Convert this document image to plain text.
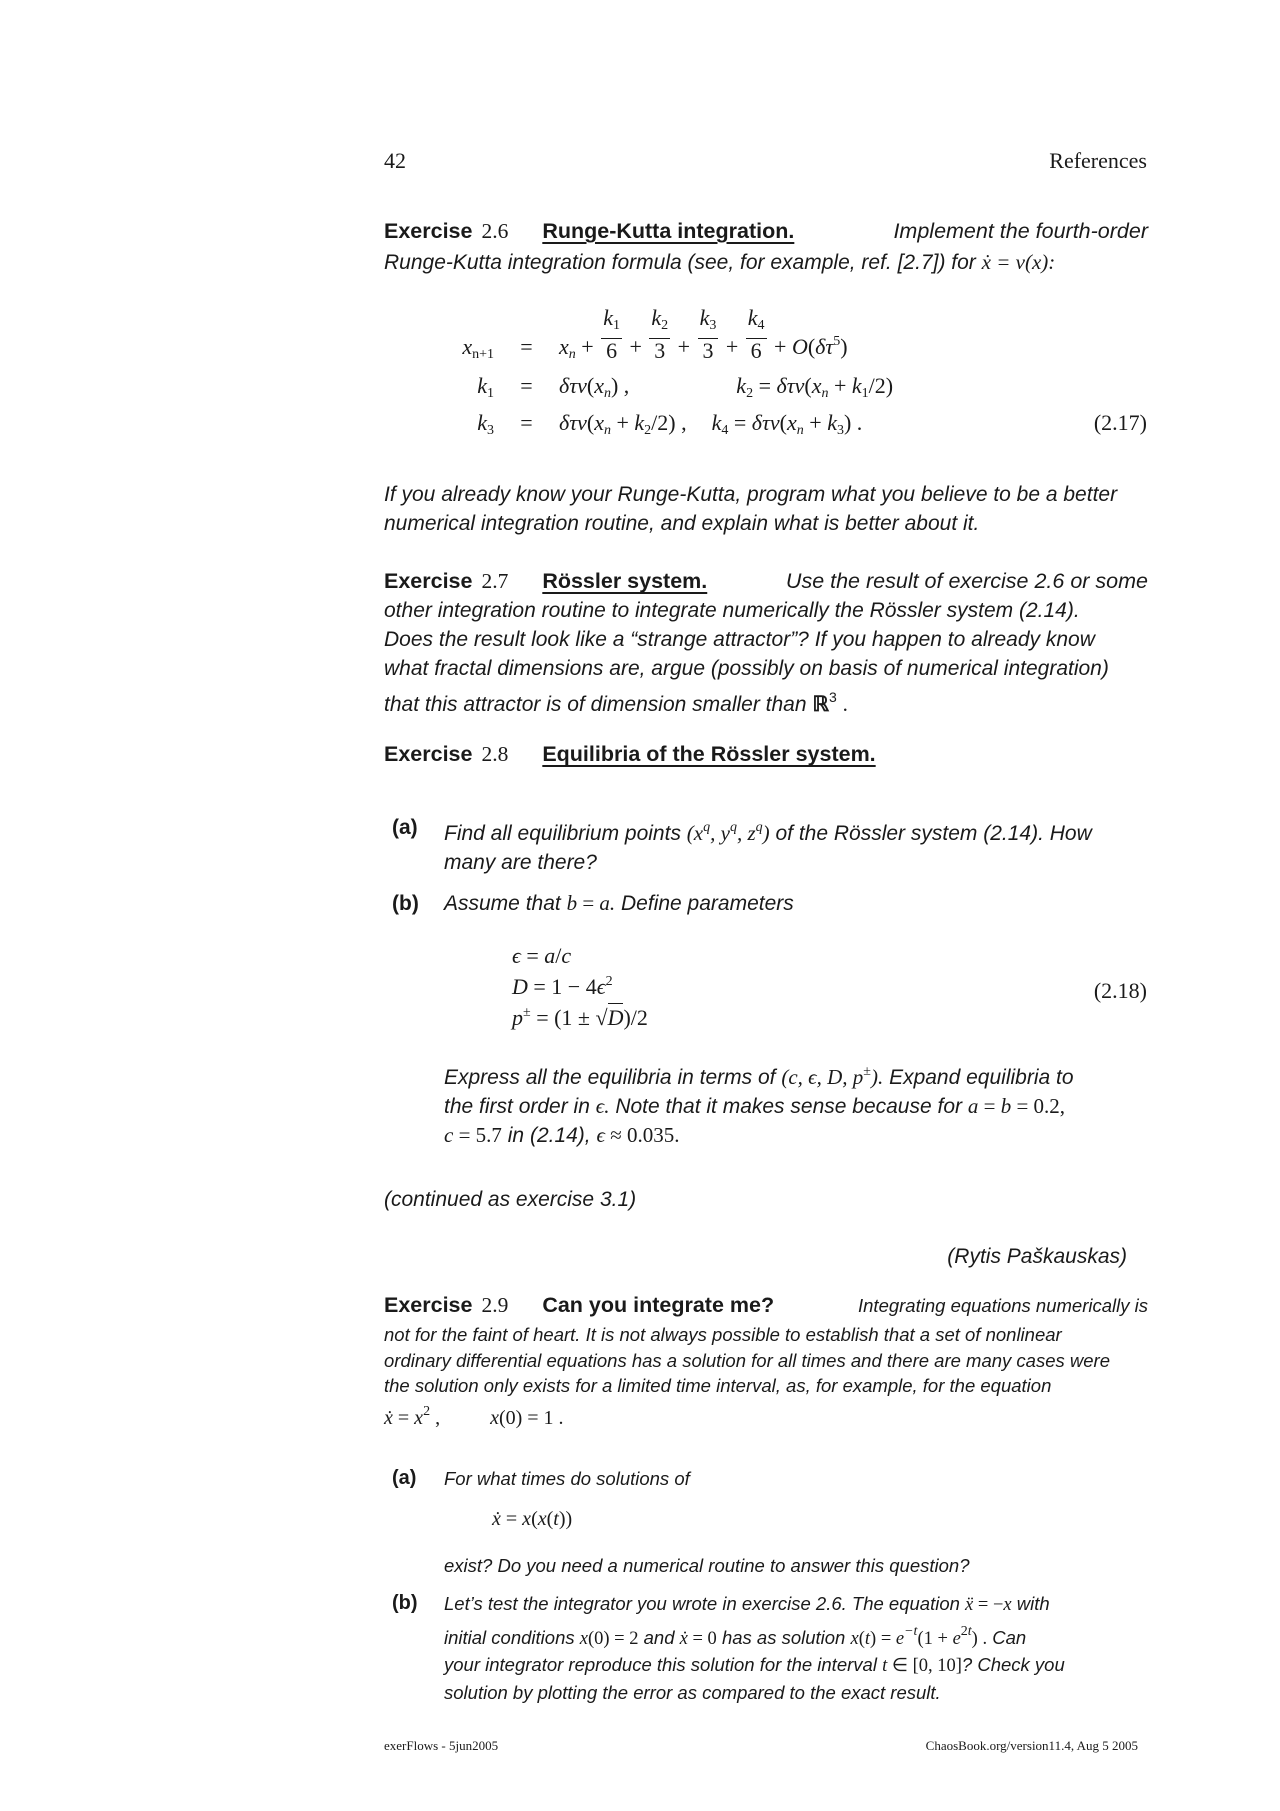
42	References
Exercise 2.6 Runge-Kutta integration.	Implement the fourth-order
Runge-Kutta integration formula (see, for example, ref. [2.7]) for ẋ = v(x):
$x_{n+1}$ = xn + $\frac{k_1}{6} + \frac{k_2}{3} + \frac{k_3}{3} + \frac{k_4}{6} + O(\delta\tau^5)$
$k_1 = \delta\tau v(xn)$ ,	$k_2 = \delta\tau v(xn + k_1/2)$
$k_3 = \delta\tau v(xn + k_2/2)$ , $k_4 = \delta\tau v(xn + k_3)$ .	(2.17)
If you already know your Runge-Kutta, program what you believe to be a better numerical integration routine, and explain what is better about it.
Exercise 2.7 Rössler system.	Use the result of exercise 2.6 or some
other integration routine to integrate numerically the Rössler system (2.14).
Does the result look like a “strange attractor”? If you happen to already know
what fractal dimensions are, argue (possibly on basis of numerical integration)
that this attractor is of dimension smaller than ℝ$^3$ .
Exercise 2.8 Equilibria of the Rössler system.
(a) Find all equilibrium points ($x^q$, $y^q$, $z^q$) of the Rössler system (2.14). How
many are there?
(b) Assume that b = a. Define parameters
ϵ = a/c
$D = 1 - 4\epsilon^2$
p± = (1 ± √D)/2
(2.18)
Express all the equilibria in terms of (c, ϵ, D, p±). Expand equilibria to
the first order in ϵ. Note that it makes sense because for a = b = 0.2,
c = 5.7 in (2.14), ϵ ≈ 0.035.
(continued as exercise 3.1)
(Rytis Paškauskas)
Exercise 2.9 Can you integrate me?	Integrating equations numerically is
not for the faint of heart. It is not always possible to establish that a set of nonlinear
ordinary differential equations has a solution for all times and there are many cases were
the solution only exists for a limited time interval, as, for example, for the equation
ẋ = $x^2$ ,  x(0) = 1 .
(a) For what times do solutions of
ẋ = x(x(t))
exist? Do you need a numerical routine to answer this question?
(b) Let’s test the integrator you wrote in exercise 2.6. The equation ẍ = −x with
initial conditions x(0) = 2 and ẋ = 0 has as solution $x(t) = e^{-t}(1 + e^{2t})$ . Can
your integrator reproduce this solution for the interval t ∈ [0, 10]? Check you
solution by plotting the error as compared to the exact result.
exerFlows - 5jun2005	ChaosBook.org/version11.4, Aug 5 2005
